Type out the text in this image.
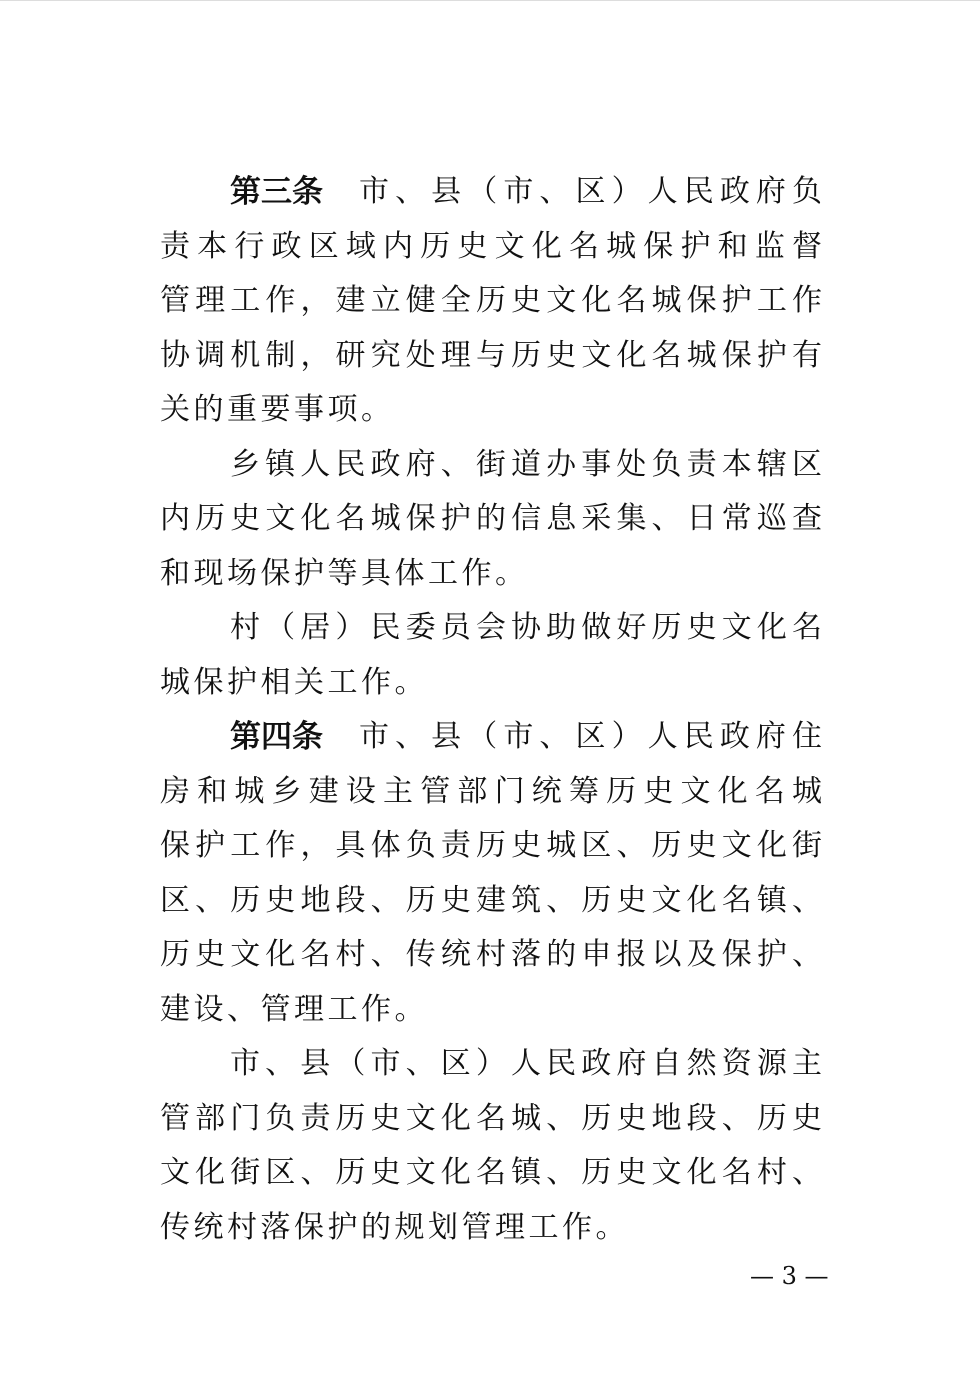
第三条 市、县（市、区）人民政府负
责本行政区域内历史文化名城保护和监督
管理工作，建立健全历史文化名城保护工作
协调机制，研究处理与历史文化名城保护有
关的重要事项。
乡镇人民政府、街道办事处负责本辖区
内历史文化名城保护的信息采集、日常巡查
和现场保护等具体工作。
村（居）民委员会协助做好历史文化名
城保护相关工作。
第四条 市、县（市、区）人民政府住
房和城乡建设主管部门统筹历史文化名城
保护工作，具体负责历史城区、历史文化街
区、历史地段、历史建筑、历史文化名镇、
历史文化名村、传统村落的申报以及保护、
建设、管理工作。
市、县（市、区）人民政府自然资源主
管部门负责历史文化名城、历史地段、历史
文化街区、历史文化名镇、历史文化名村、
传统村落保护的规划管理工作。
— 3 —
